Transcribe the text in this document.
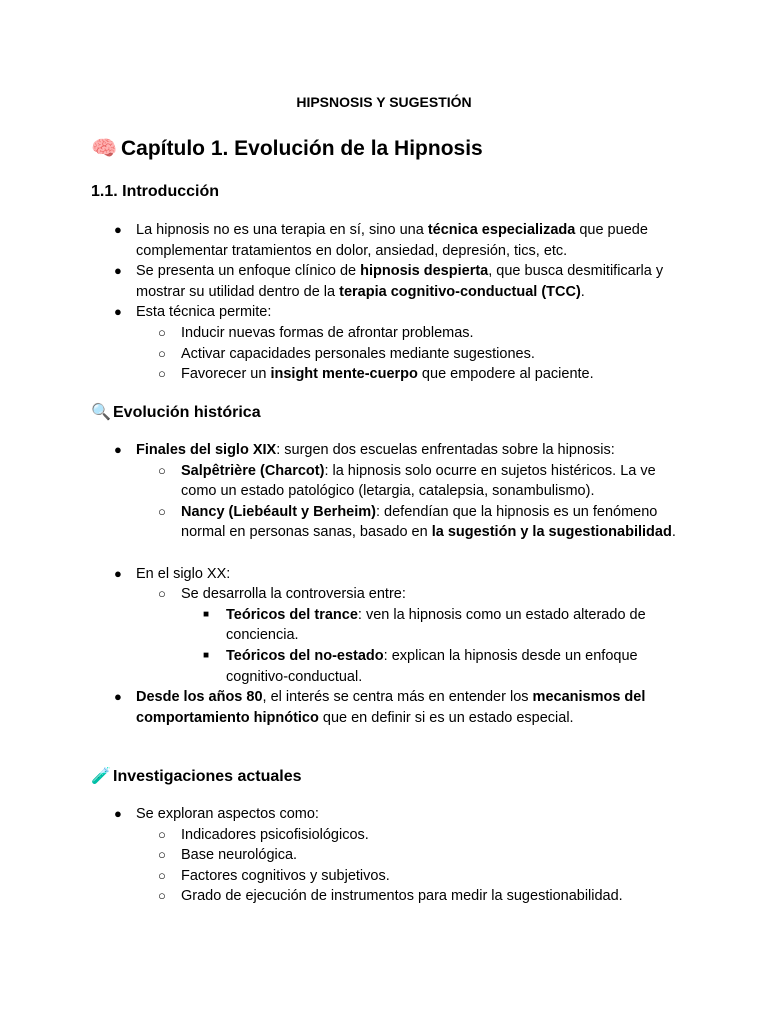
HIPSNOSIS Y SUGESTIÓN
🧠 Capítulo 1. Evolución de la Hipnosis
1.1. Introducción
● La hipnosis no es una terapia en sí, sino una técnica especializada que puede complementar tratamientos en dolor, ansiedad, depresión, tics, etc.
● Se presenta un enfoque clínico de hipnosis despierta, que busca desmitificarla y mostrar su utilidad dentro de la terapia cognitivo-conductual (TCC).
● Esta técnica permite:
○ Inducir nuevas formas de afrontar problemas.
○ Activar capacidades personales mediante sugestiones.
○ Favorecer un insight mente-cuerpo que empodere al paciente.
🔍 Evolución histórica
● Finales del siglo XIX: surgen dos escuelas enfrentadas sobre la hipnosis:
○ Salpêtrière (Charcot): la hipnosis solo ocurre en sujetos histéricos. La ve como un estado patológico (letargia, catalepsia, sonambulismo).
○ Nancy (Liebéault y Berheim): defendían que la hipnosis es un fenómeno normal en personas sanas, basado en la sugestión y la sugestionabilidad.
● En el siglo XX:
○ Se desarrolla la controversia entre:
■ Teóricos del trance: ven la hipnosis como un estado alterado de conciencia.
■ Teóricos del no-estado: explican la hipnosis desde un enfoque cognitivo-conductual.
● Desde los años 80, el interés se centra más en entender los mecanismos del comportamiento hipnótico que en definir si es un estado especial.
🧪 Investigaciones actuales
● Se exploran aspectos como:
○ Indicadores psicofisiológicos.
○ Base neurológica.
○ Factores cognitivos y subjetivos.
○ Grado de ejecución de instrumentos para medir la sugestionabilidad.
